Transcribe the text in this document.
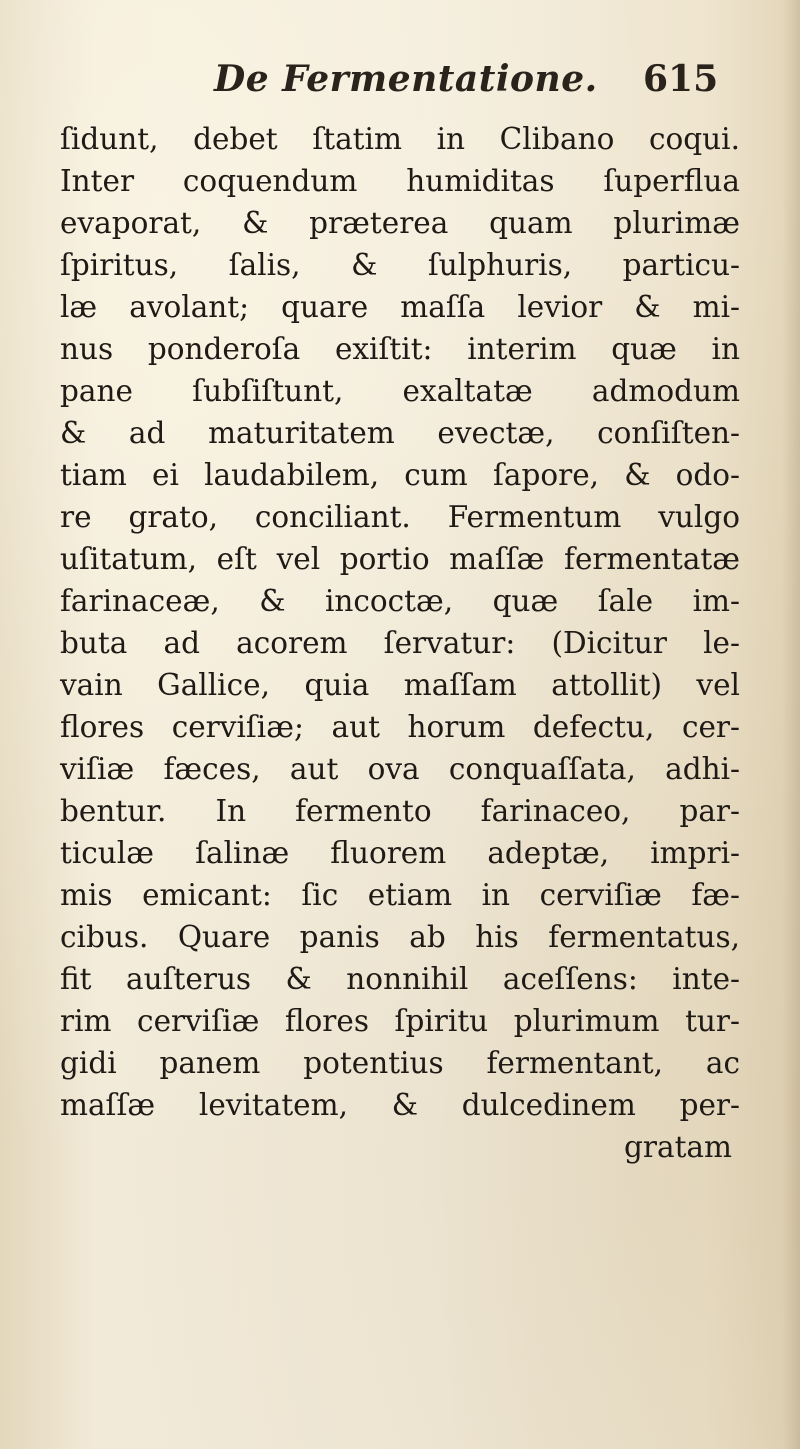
De Fermentatione. 615
ſidunt, debet ſtatim in Clibano coqui.
Inter coquendum humiditas ſuperflua
evaporat, & præterea quam plurimæ
ſpiritus, ſalis, & ſulphuris, particu-
læ avolant; quare maſſa levior & mi-
nus ponderoſa exiſtit: interim quæ in
pane ſubſiſtunt, exaltatæ admodum
& ad maturitatem evectæ, conſiſten-
tiam ei laudabilem, cum ſapore, & odo-
re grato, conciliant. Fermentum vulgo
uſitatum, eſt vel portio maſſæ fermentatæ
farinaceæ, & incoctæ, quæ ſale im-
buta ad acorem ſervatur: (Dicitur le-
vain Gallice, quia maſſam attollit) vel
flores cerviſiæ; aut horum defectu, cer-
viſiæ fæces, aut ova conquaſſata, adhi-
bentur. In fermento farinaceo, par-
ticulæ ſalinæ fluorem adeptæ, impri-
mis emicant: ſic etiam in cerviſiæ fæ-
cibus. Quare panis ab his fermentatus,
fit auſterus & nonnihil aceſſens: inte-
rim cerviſiæ flores ſpiritu plurimum tur-
gidi panem potentius fermentant, ac
maſſæ levitatem, & dulcedinem per-
gratam
